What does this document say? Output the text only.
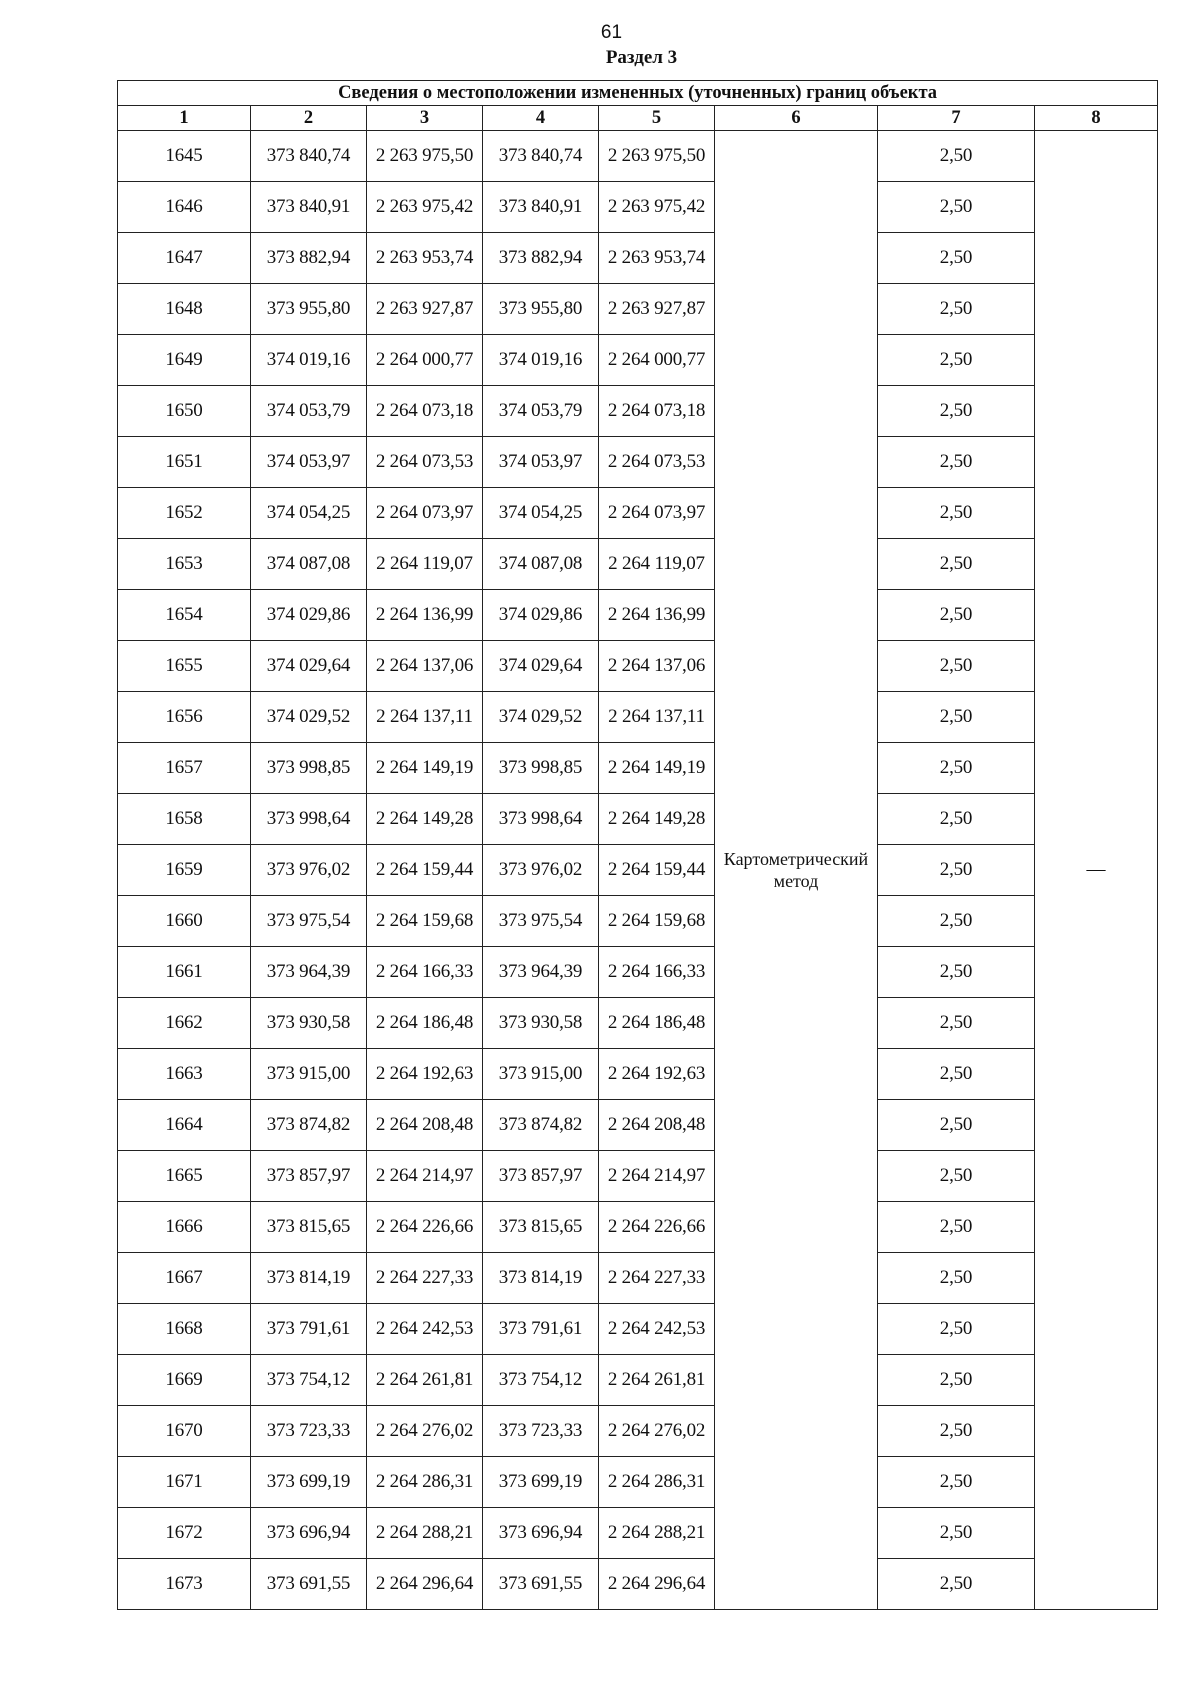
61
Раздел 3
Сведения о местоположении измененных (уточненных) границ объекта							
1	2	3	4	5	6	7	8
1645	373 840,74	2 263 975,50	373 840,74	2 263 975,50	Картометрический метод	2,50	—
1646	373 840,91	2 263 975,42	373 840,91	2 263 975,42		2,50	
1647	373 882,94	2 263 953,74	373 882,94	2 263 953,74		2,50	
1648	373 955,80	2 263 927,87	373 955,80	2 263 927,87		2,50	
1649	374 019,16	2 264 000,77	374 019,16	2 264 000,77		2,50	
1650	374 053,79	2 264 073,18	374 053,79	2 264 073,18		2,50	
1651	374 053,97	2 264 073,53	374 053,97	2 264 073,53		2,50	
1652	374 054,25	2 264 073,97	374 054,25	2 264 073,97		2,50	
1653	374 087,08	2 264 119,07	374 087,08	2 264 119,07		2,50	
1654	374 029,86	2 264 136,99	374 029,86	2 264 136,99		2,50	
1655	374 029,64	2 264 137,06	374 029,64	2 264 137,06		2,50	
1656	374 029,52	2 264 137,11	374 029,52	2 264 137,11		2,50	
1657	373 998,85	2 264 149,19	373 998,85	2 264 149,19		2,50	
1658	373 998,64	2 264 149,28	373 998,64	2 264 149,28		2,50	
1659	373 976,02	2 264 159,44	373 976,02	2 264 159,44		2,50	
1660	373 975,54	2 264 159,68	373 975,54	2 264 159,68		2,50	
1661	373 964,39	2 264 166,33	373 964,39	2 264 166,33		2,50	
1662	373 930,58	2 264 186,48	373 930,58	2 264 186,48		2,50	
1663	373 915,00	2 264 192,63	373 915,00	2 264 192,63		2,50	
1664	373 874,82	2 264 208,48	373 874,82	2 264 208,48		2,50	
1665	373 857,97	2 264 214,97	373 857,97	2 264 214,97		2,50	
1666	373 815,65	2 264 226,66	373 815,65	2 264 226,66		2,50	
1667	373 814,19	2 264 227,33	373 814,19	2 264 227,33		2,50	
1668	373 791,61	2 264 242,53	373 791,61	2 264 242,53		2,50	
1669	373 754,12	2 264 261,81	373 754,12	2 264 261,81		2,50	
1670	373 723,33	2 264 276,02	373 723,33	2 264 276,02		2,50	
1671	373 699,19	2 264 286,31	373 699,19	2 264 286,31		2,50	
1672	373 696,94	2 264 288,21	373 696,94	2 264 288,21		2,50	
1673	373 691,55	2 264 296,64	373 691,55	2 264 296,64		2,50	
